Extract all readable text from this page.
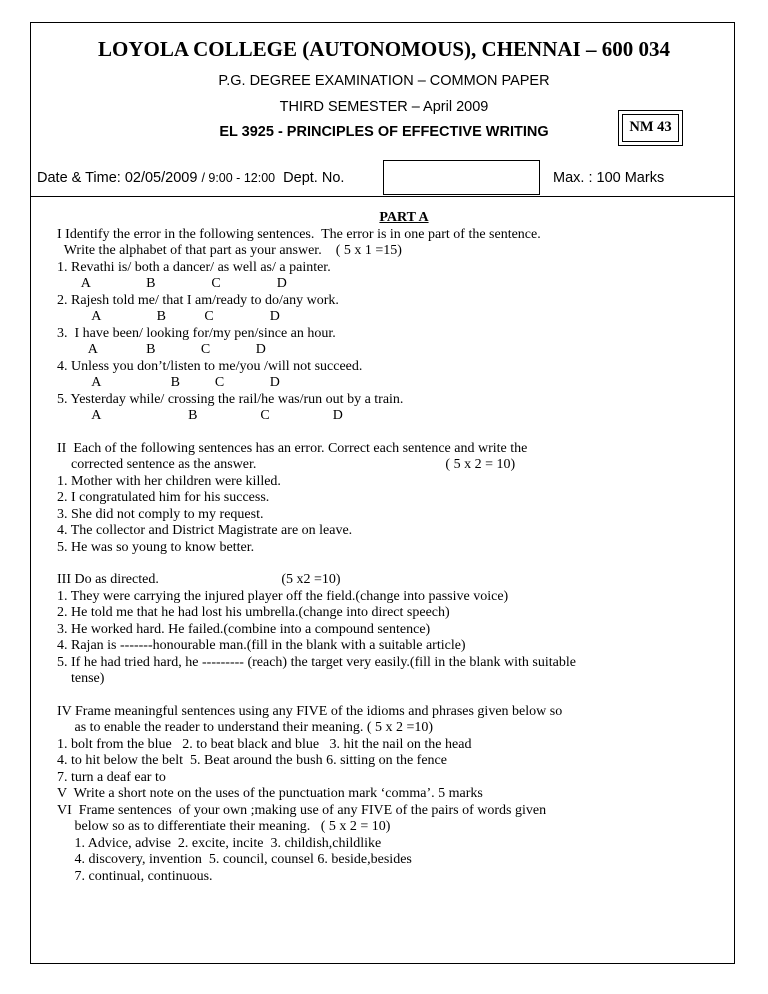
LOYOLA COLLEGE (AUTONOMOUS), CHENNAI – 600 034
P.G. DEGREE EXAMINATION – COMMON PAPER
THIRD SEMESTER – April 2009
EL 3925 - PRINCIPLES OF EFFECTIVE WRITING	NM 43
Date & Time: 02/05/2009 / 9:00 - 12:00 Dept. No.	Max. : 100 Marks
PART A
I Identify the error in the following sentences.  The error is in one part of the sentence.
Write the alphabet of that part as your answer.    ( 5 x 1 =15)
1. Revathi is/ both a dancer/ as well as/ a painter.
A                B                C                D
2. Rajesh told me/ that I am/ready to do/any work.
A                B           C                D
3.  I have been/ looking for/my pen/since an hour.
A              B             C             D
4. Unless you don’t/listen to me/you /will not succeed.
A                    B          C             D
5. Yesterday while/ crossing the rail/he was/run out by a train.
A                         B                  C                  D
II  Each of the following sentences has an error. Correct each sentence and write the
corrected sentence as the answer.                                                      ( 5 x 2 = 10)
1. Mother with her children were killed.
2. I congratulated him for his success.
3. She did not comply to my request.
4. The collector and District Magistrate are on leave.
5. He was so young to know better.
III Do as directed.                                   (5 x2 =10)
1. They were carrying the injured player off the field.(change into passive voice)
2. He told me that he had lost his umbrella.(change into direct speech)
3. He worked hard. He failed.(combine into a compound sentence)
4. Rajan is -------honourable man.(fill in the blank with a suitable article)
5. If he had tried hard, he --------- (reach) the target very easily.(fill in the blank with suitable
tense)
IV Frame meaningful sentences using any FIVE of the idioms and phrases given below so
as to enable the reader to understand their meaning. ( 5 x 2 =10)
1. bolt from the blue   2. to beat black and blue   3. hit the nail on the head
4. to hit below the belt  5. Beat around the bush 6. sitting on the fence
7. turn a deaf ear to
V  Write a short note on the uses of the punctuation mark ‘comma’. 5 marks
VI  Frame sentences  of your own ;making use of any FIVE of the pairs of words given
below so as to differentiate their meaning.   ( 5 x 2 = 10)
1. Advice, advise  2. excite, incite  3. childish,childlike
4. discovery, invention  5. council, counsel 6. beside,besides
7. continual, continuous.
